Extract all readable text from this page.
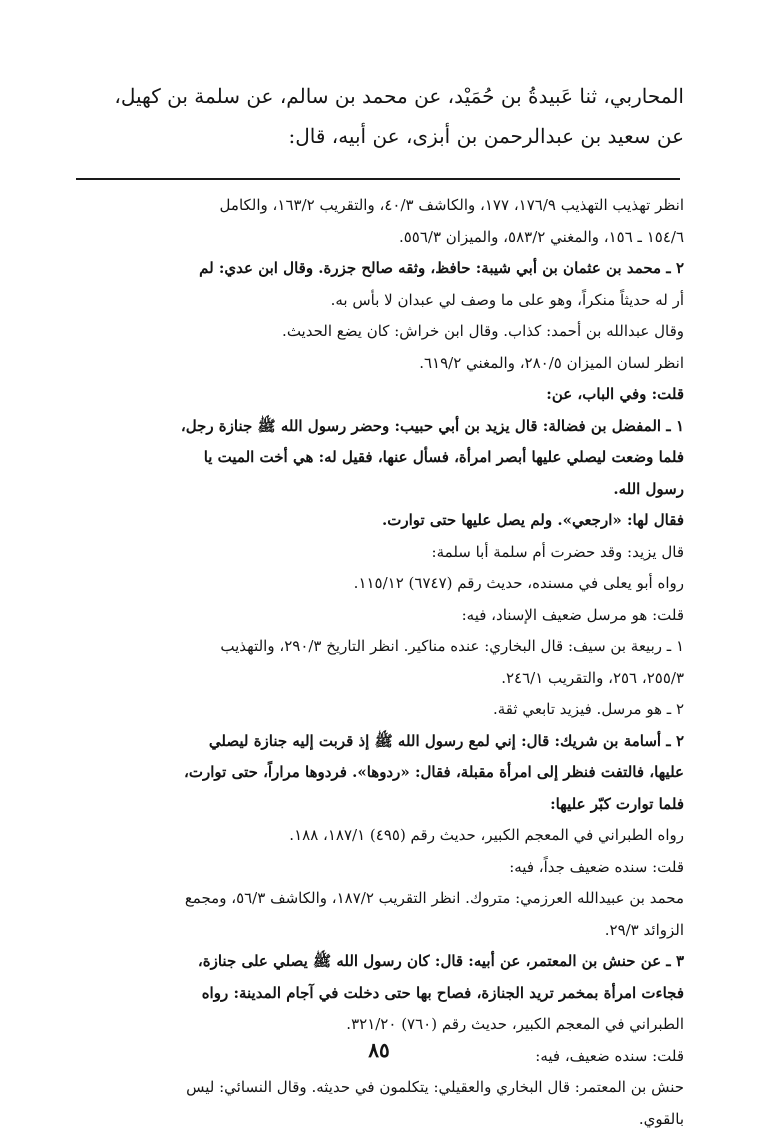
المحاربي، ثنا عَبيدةُ بن حُمَيْد، عن محمد بن سالم، عن سلمة بن كهيل،

عن سعيد بن عبدالرحمن بن أبزى، عن أبيه، قال:

انظر تهذيب التهذيب ١٧٦/٩، ١٧٧، والكاشف ٤٠/٣، والتقريب ١٦٣/٢، والكامل

١٥٤/٦ ـ ١٥٦، والمغني ٥٨٣/٢، والميزان ٥٥٦/٣.

٢ ـ محمد بن عثمان بن أبي شيبة: حافظ، وثقه صالح جزرة. وقال ابن عدي: لم

أر له حديثاً منكراً، وهو على ما وصف لي عبدان لا بأس به.

وقال عبدالله بن أحمد: كذاب. وقال ابن خراش: كان يضع الحديث.

انظر لسان الميزان ٢٨٠/٥، والمغني ٦١٩/٢.

قلت: وفي الباب، عن:

١ ـ المفضل بن فضالة: قال يزيد بن أبي حبيب: وحضر رسول الله ﷺ جنازة رجل،

فلما وضعت ليصلي عليها أبصر امرأة، فسأل عنها، فقيل له: هي أخت الميت يا

رسول الله.

فقال لها: «ارجعي». ولم يصل عليها حتى توارت.

قال يزيد: وقد حضرت أم سلمة أبا سلمة:

رواه أبو يعلى في مسنده، حديث رقم (٦٧٤٧) ١١٥/١٢.

قلت: هو مرسل ضعيف الإسناد، فيه:

١ ـ ربيعة بن سيف: قال البخاري: عنده مناكير. انظر التاريخ ٢٩٠/٣، والتهذيب

٢٥٥/٣، ٢٥٦، والتقريب ٢٤٦/١.

٢ ـ هو مرسل. فيزيد تابعي ثقة.

٢ ـ أسامة بن شريك: قال: إني لمع رسول الله ﷺ إذ قربت إليه جنازة ليصلي

عليها، فالتفت فنظر إلى امرأة مقبلة، فقال: «ردوها». فردوها مراراً، حتى توارت،

فلما توارت كبّر عليها:

رواه الطبراني في المعجم الكبير، حديث رقم (٤٩٥) ١٨٧/١، ١٨٨.

قلت: سنده ضعيف جداً، فيه:

محمد بن عبيدالله العرزمي: متروك. انظر التقريب ١٨٧/٢، والكاشف ٥٦/٣، ومجمع

الزوائد ٢٩/٣.

٣ ـ عن حنش بن المعتمر، عن أبيه: قال: كان رسول الله ﷺ يصلي على جنازة،

فجاءت امرأة بمخمر تريد الجنازة، فصاح بها حتى دخلت في آجام المدينة: رواه

الطبراني في المعجم الكبير، حديث رقم (٧٦٠) ٣٢١/٢٠.

قلت: سنده ضعيف، فيه:

حنش بن المعتمر: قال البخاري والعقيلي: يتكلمون في حديثه. وقال النسائي: ليس

بالقوي.

٨٥
